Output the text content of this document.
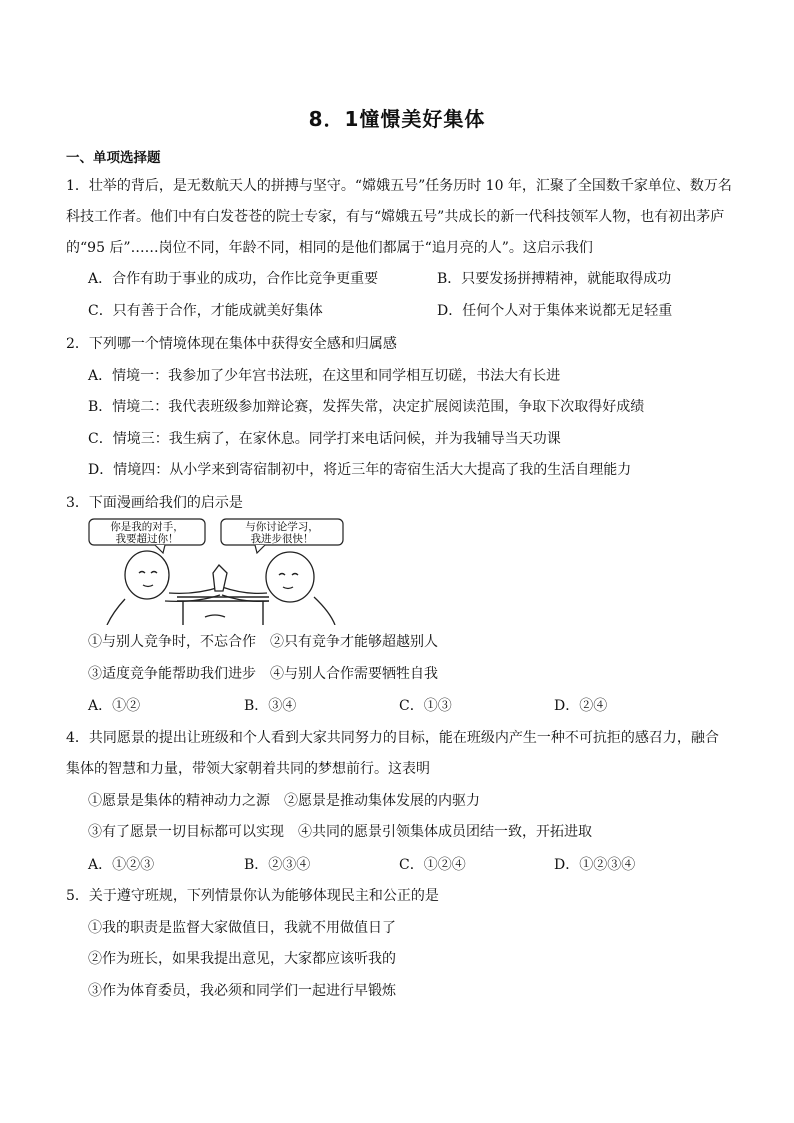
8．1憧憬美好集体
一、单项选择题
1．壮举的背后，是无数航天人的拼搏与坚守。“嫦娥五号”任务历时 10 年，汇聚了全国数千家单位、数万名
科技工作者。他们中有白发苍苍的院士专家，有与“嫦娥五号”共成长的新一代科技领军人物，也有初出茅庐
的“95 后”……岗位不同，年龄不同，相同的是他们都属于“追月亮的人”。这启示我们
A．合作有助于事业的成功，合作比竞争更重要	B．只要发扬拼搏精神，就能取得成功
C．只有善于合作，才能成就美好集体	D．任何个人对于集体来说都无足轻重
2．下列哪一个情境体现在集体中获得安全感和归属感
A．情境一：我参加了少年宫书法班，在这里和同学相互切磋，书法大有长进
B．情境二：我代表班级参加辩论赛，发挥失常，决定扩展阅读范围，争取下次取得好成绩
C．情境三：我生病了，在家休息。同学打来电话问候，并为我辅导当天功课
D．情境四：从小学来到寄宿制初中，将近三年的寄宿生活大大提高了我的生活自理能力
3．下面漫画给我们的启示是
你是我的对手，
我要超过你！
与你讨论学习，
我进步很快！
①与别人竞争时，不忘合作　②只有竞争才能够超越别人
③适度竞争能帮助我们进步　④与别人合作需要牺牲自我
A．①②	B．③④	C．①③	D．②④
4．共同愿景的提出让班级和个人看到大家共同努力的目标，能在班级内产生一种不可抗拒的感召力，融合
集体的智慧和力量，带领大家朝着共同的梦想前行。这表明
①愿景是集体的精神动力之源　②愿景是推动集体发展的内驱力
③有了愿景一切目标都可以实现　④共同的愿景引领集体成员团结一致，开拓进取
A．①②③	B．②③④	C．①②④	D．①②③④
5．关于遵守班规，下列情景你认为能够体现民主和公正的是
①我的职责是监督大家做值日，我就不用做值日了
②作为班长，如果我提出意见，大家都应该听我的
③作为体育委员，我必须和同学们一起进行早锻炼
